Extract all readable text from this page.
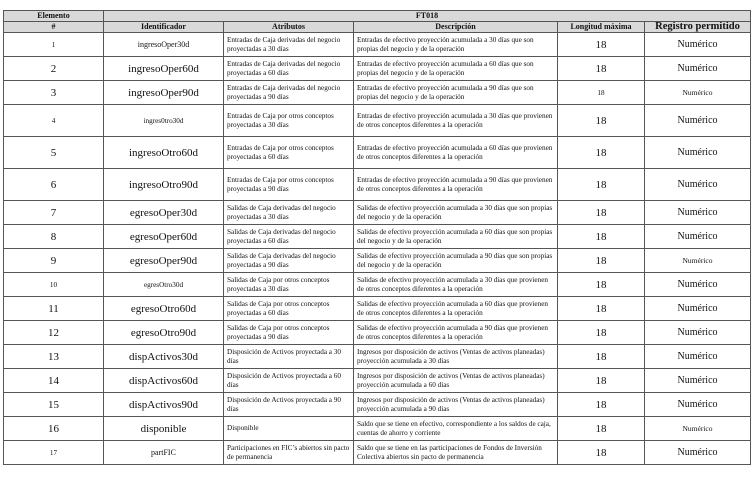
Elemento	FT018				
#	Identificador	Atributos	Descripción	Longitud máxima	Registro permitido
1	ingresoOper30d	Entradas de Caja derivadas del negocio proyectadas a 30 días	Entradas de efectivo proyección acumulada a 30 días que son propias del negocio y de la operación	18	Numérico
2	ingresoOper60d	Entradas de Caja derivadas del negocio proyectadas a 60 días	Entradas de efectivo proyección acumulada a 60 días que son propias del negocio y de la operación	18	Numérico
3	ingresoOper90d	Entradas de Caja derivadas del negocio proyectadas a 90 días	Entradas de efectivo proyección acumulada a 90 días que son propias del negocio y de la operación	18	Numérico
4	ingres0tro30d	Entradas de Caja por otros conceptos proyectadas a 30 días	Entradas de efectivo proyección acumulada a 30 días que provienen de otros conceptos diferentes a la operación	18	Numérico
5	ingresoOtro60d	Entradas de Caja por otros conceptos proyectadas a 60 días	Entradas de efectivo proyección acumulada a 60 días que provienen de otros conceptos diferentes a la operación	18	Numérico
6	ingresoOtro90d	Entradas de Caja por otros conceptos proyectadas a 90 días	Entradas de efectivo proyección acumulada a 90 días que provienen de otros conceptos diferentes a la operación	18	Numérico
7	egresoOper30d	Salidas de Caja derivadas del negocio proyectadas a 30 días	Salidas de efectivo proyección acumulada a 30 días que son propias del negocio y de la operación	18	Numérico
8	egresoOper60d	Salidas de Caja derivadas del negocio proyectadas a 60 días	Salidas de efectivo proyección acumulada a 60 días que son propias del negocio y de la operación	18	Numérico
9	egresoOper90d	Salidas de Caja derivadas del negocio proyectadas a 90 días	Salidas de efectivo proyección acumulada a 90 días que son propias del negocio y de la operación	18	Numérico
10	egresOtro30d	Salidas de Caja por otros conceptos proyectadas a 30 días	Salidas de efectivo proyección acumulada a 30 días que provienen de otros conceptos diferentes a la operación	18	Numérico
11	egresoOtro60d	Salidas de Caja por otros conceptos proyectadas a 60 días	Salidas de efectivo proyección acumulada a 60 días que provienen de otros conceptos diferentes a la operación	18	Numérico
12	egresoOtro90d	Salidas de Caja por otros conceptos proyectadas a 90 días	Salidas de efectivo proyección acumulada a 90 días que provienen de otros conceptos diferentes a la operación	18	Numérico
13	dispActivos30d	Disposición de Activos proyectada a 30 días	Ingresos por disposición de activos (Ventas de activos planeadas) proyección acumulada a 30 días	18	Numérico
14	dispActivos60d	Disposición de Activos proyectada a 60 días	Ingresos por disposición de activos (Ventas de activos planeadas) proyección acumulada a 60 días	18	Numérico
15	dispActivos90d	Disposición de Activos proyectada a 90 días	Ingresos por disposición de activos (Ventas de activos planeadas) proyección acumulada a 90 días	18	Numérico
16	disponible	Disponible	Saldo que se tiene en efectivo, correspondiente a los saldos de caja, cuentas de ahorro y corriente	18	Numérico
17	partFIC	Participaciones en FIC’s abiertos sin pacto de permanencia	Saldo que se tiene en las participaciones de Fondos de Inversión Colectiva abiertos sin pacto de permanencia	18	Numérico
